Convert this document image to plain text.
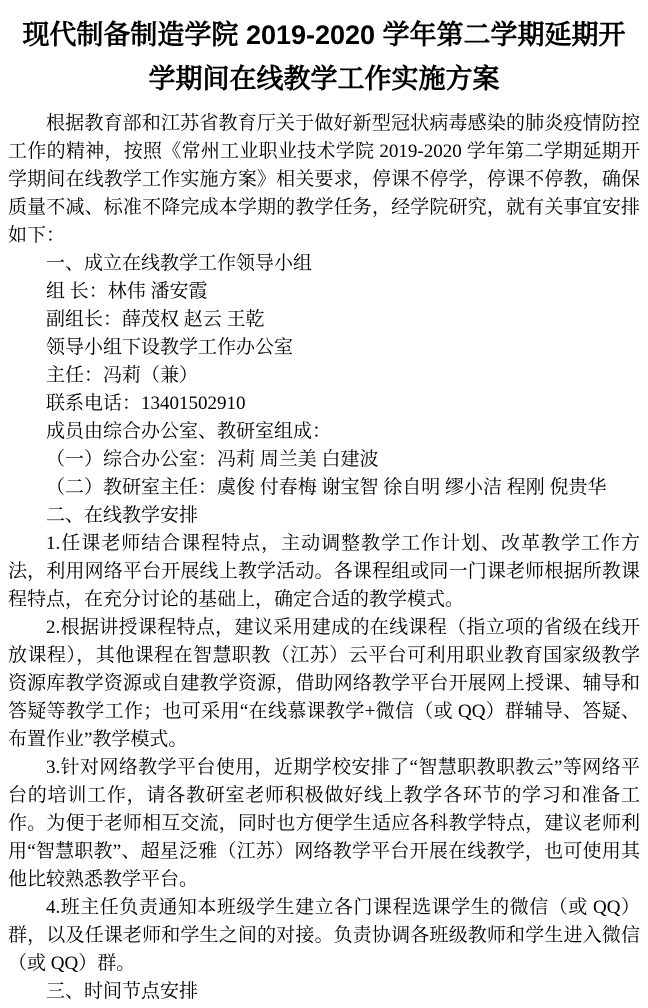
现代制备制造学院 2019-2020 学年第二学期延期开
学期间在线教学工作实施方案

根据教育部和江苏省教育厅关于做好新型冠状病毒感染的肺炎疫情防控工作的精神，按照《常州工业职业技术学院 2019-2020 学年第二学期延期开学期间在线教学工作实施方案》相关要求，停课不停学，停课不停教，确保质量不减、标准不降完成本学期的教学任务，经学院研究，就有关事宜安排如下：

一、成立在线教学工作领导小组

组 长：林伟 潘安霞

副组长：薛茂权 赵云 王乾

领导小组下设教学工作办公室

主任：冯莉（兼）

联系电话：13401502910

成员由综合办公室、教研室组成：

（一）综合办公室：冯莉 周兰美 白建波

（二）教研室主任：虞俊 付春梅 谢宝智 徐自明 缪小洁 程刚 倪贵华

二、在线教学安排

1.任课老师结合课程特点，主动调整教学工作计划、改革教学工作方法，利用网络平台开展线上教学活动。各课程组或同一门课老师根据所教课程特点，在充分讨论的基础上，确定合适的教学模式。

2.根据讲授课程特点，建议采用建成的在线课程（指立项的省级在线开放课程），其他课程在智慧职教（江苏）云平台可利用职业教育国家级教学资源库教学资源或自建教学资源，借助网络教学平台开展网上授课、辅导和答疑等教学工作；也可采用“在线慕课教学+微信（或 QQ）群辅导、答疑、布置作业”教学模式。

3.针对网络教学平台使用，近期学校安排了“智慧职教职教云”等网络平台的培训工作，请各教研室老师积极做好线上教学各环节的学习和准备工作。为便于老师相互交流，同时也方便学生适应各科教学特点，建议老师利用“智慧职教”、超星泛雅（江苏）网络教学平台开展在线教学，也可使用其他比较熟悉教学平台。

4.班主任负责通知本班级学生建立各门课程选课学生的微信（或 QQ）群，以及任课老师和学生之间的对接。负责协调各班级教师和学生进入微信（或 QQ）群。

三、时间节点安排
